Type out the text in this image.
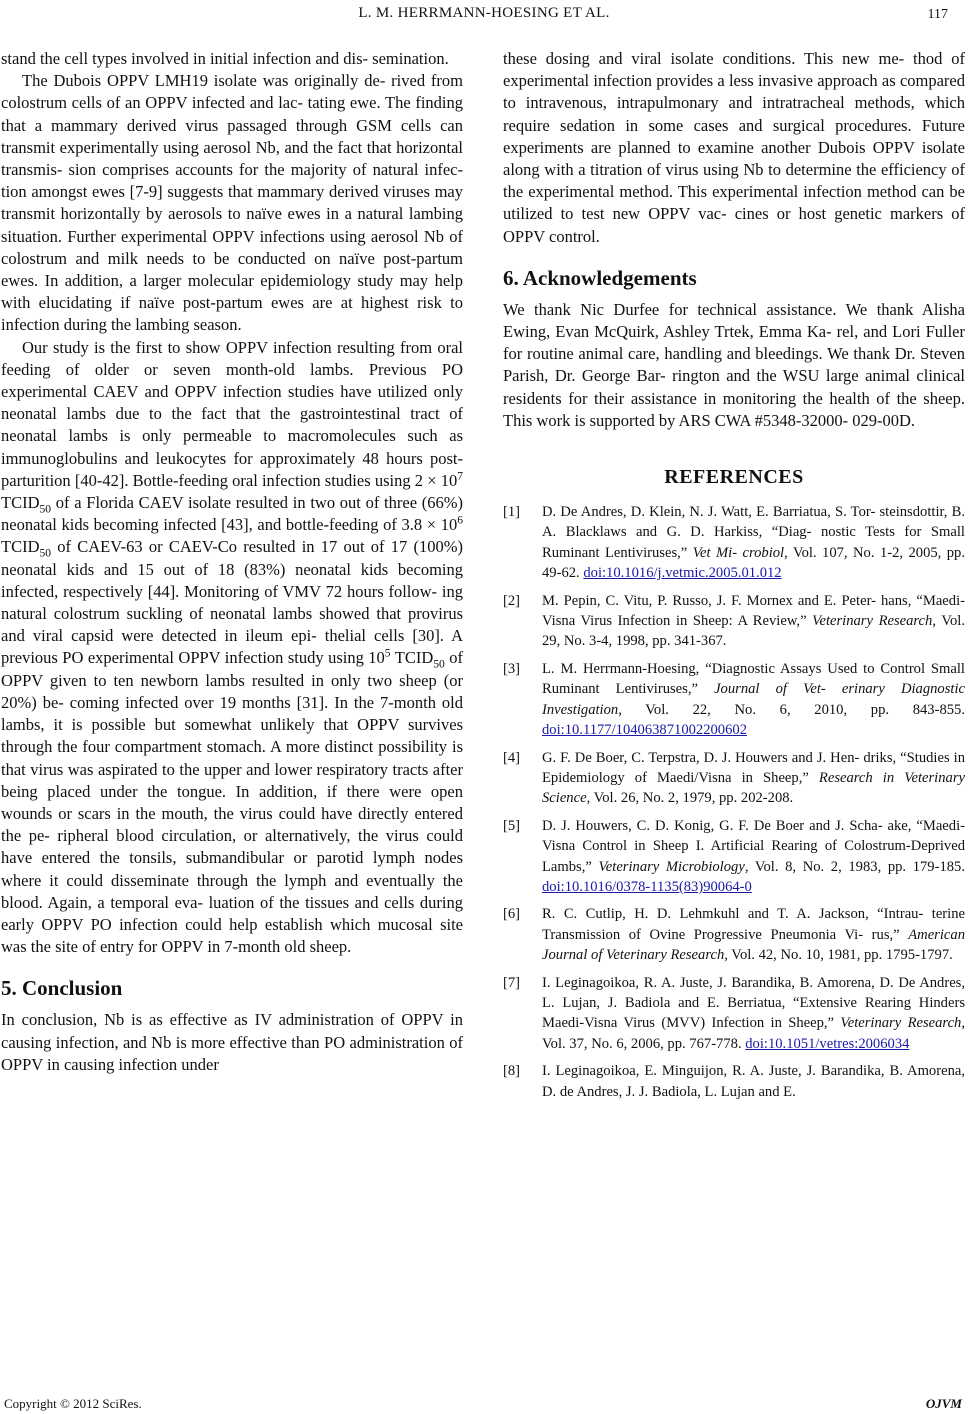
L. M. HERRMANN-HOESING ET AL.	117

stand the cell types involved in initial infection and dis- semination.

The Dubois OPPV LMH19 isolate was originally de- rived from colostrum cells of an OPPV infected and lac- tating ewe. The finding that a mammary derived virus passaged through GSM cells can transmit experimentally using aerosol Nb, and the fact that horizontal transmis- sion comprises accounts for the majority of natural infec- tion amongst ewes [7-9] suggests that mammary derived viruses may transmit horizontally by aerosols to naïve ewes in a natural lambing situation. Further experimental OPPV infections using aerosol Nb of colostrum and milk needs to be conducted on naïve post-partum ewes. In addition, a larger molecular epidemiology study may help with elucidating if naïve post-partum ewes are at highest risk to infection during the lambing season.

Our study is the first to show OPPV infection resulting from oral feeding of older or seven month-old lambs. Previous PO experimental CAEV and OPPV infection studies have utilized only neonatal lambs due to the fact that the gastrointestinal tract of neonatal lambs is only permeable to macromolecules such as immunoglobulins and leukocytes for approximately 48 hours post-parturition [40-42]. Bottle-feeding oral infection studies using $2 \times 10^7$ $TCID_{50}$ of a Florida CAEV isolate resulted in two out of three (66%) neonatal kids becoming infected [43], and bottle-feeding of $3.8 \times 10^6$ $TCID_{50}$ of CAEV-63 or CAEV-Co resulted in 17 out of 17 (100%) neonatal kids and 15 out of 18 (83%) neonatal kids becoming infected, respectively [44]. Monitoring of VMV 72 hours follow- ing natural colostrum suckling of neonatal lambs showed that provirus and viral capsid were detected in ileum epi- thelial cells [30]. A previous PO experimental OPPV infection study using $10^5$ $TCID_{50}$ of OPPV given to ten newborn lambs resulted in only two sheep (or 20%) be- coming infected over 19 months [31]. In the 7-month old lambs, it is possible but somewhat unlikely that OPPV survives through the four compartment stomach. A more distinct possibility is that virus was aspirated to the upper and lower respiratory tracts after being placed under the tongue. In addition, if there were open wounds or scars in the mouth, the virus could have directly entered the pe- ripheral blood circulation, or alternatively, the virus could have entered the tonsils, submandibular or parotid lymph nodes where it could disseminate through the lymph and eventually the blood. Again, a temporal eva- luation of the tissues and cells during early OPPV PO infection could help establish which mucosal site was the site of entry for OPPV in 7-month old sheep.

5. Conclusion

In conclusion, Nb is as effective as IV administration of OPPV in causing infection, and Nb is more effective than PO administration of OPPV in causing infection under

these dosing and viral isolate conditions. This new me- thod of experimental infection provides a less invasive approach as compared to intravenous, intrapulmonary and intratracheal methods, which require sedation in some cases and surgical procedures. Future experiments are planned to examine another Dubois OPPV isolate along with a titration of virus using Nb to determine the efficiency of the experimental method. This experimental infection method can be utilized to test new OPPV vac- cines or host genetic markers of OPPV control.

6. Acknowledgements

We thank Nic Durfee for technical assistance. We thank Alisha Ewing, Evan McQuirk, Ashley Trtek, Emma Ka- rel, and Lori Fuller for routine animal care, handling and bleedings. We thank Dr. Steven Parish, Dr. George Bar- rington and the WSU large animal clinical residents for their assistance in monitoring the health of the sheep. This work is supported by ARS CWA #5348-32000- 029-00D.

REFERENCES
[1] D. De Andres, D. Klein, N. J. Watt, E. Barriatua, S. Tor- steinsdottir, B. A. Blacklaws and G. D. Harkiss, “Diag- nostic Tests for Small Ruminant Lentiviruses,” Vet Mi- crobiol, Vol. 107, No. 1-2, 2005, pp. 49-62. doi:10.1016/j.vetmic.2005.01.012
[2] M. Pepin, C. Vitu, P. Russo, J. F. Mornex and E. Peter- hans, “Maedi-Visna Virus Infection in Sheep: A Review,” Veterinary Research, Vol. 29, No. 3-4, 1998, pp. 341-367.
[3] L. M. Herrmann-Hoesing, “Diagnostic Assays Used to Control Small Ruminant Lentiviruses,” Journal of Vet- erinary Diagnostic Investigation, Vol. 22, No. 6, 2010, pp. 843-855. doi:10.1177/104063871002200602
[4] G. F. De Boer, C. Terpstra, D. J. Houwers and J. Hen- driks, “Studies in Epidemiology of Maedi/Visna in Sheep,” Research in Veterinary Science, Vol. 26, No. 2, 1979, pp. 202-208.
[5] D. J. Houwers, C. D. Konig, G. F. De Boer and J. Scha- ake, “Maedi-Visna Control in Sheep I. Artificial Rearing of Colostrum-Deprived Lambs,” Veterinary Microbiology, Vol. 8, No. 2, 1983, pp. 179-185. doi:10.1016/0378-1135(83)90064-0
[6] R. C. Cutlip, H. D. Lehmkuhl and T. A. Jackson, “Intrau- terine Transmission of Ovine Progressive Pneumonia Vi- rus,” American Journal of Veterinary Research, Vol. 42, No. 10, 1981, pp. 1795-1797.
[7] I. Leginagoikoa, R. A. Juste, J. Barandika, B. Amorena, D. De Andres, L. Lujan, J. Badiola and E. Berriatua, “Extensive Rearing Hinders Maedi-Visna Virus (MVV) Infection in Sheep,” Veterinary Research, Vol. 37, No. 6, 2006, pp. 767-778. doi:10.1051/vetres:2006034
[8] I. Leginagoikoa, E. Minguijon, R. A. Juste, J. Barandika, B. Amorena, D. de Andres, J. J. Badiola, L. Lujan and E.
Copyright © 2012 SciRes.	OJVM
